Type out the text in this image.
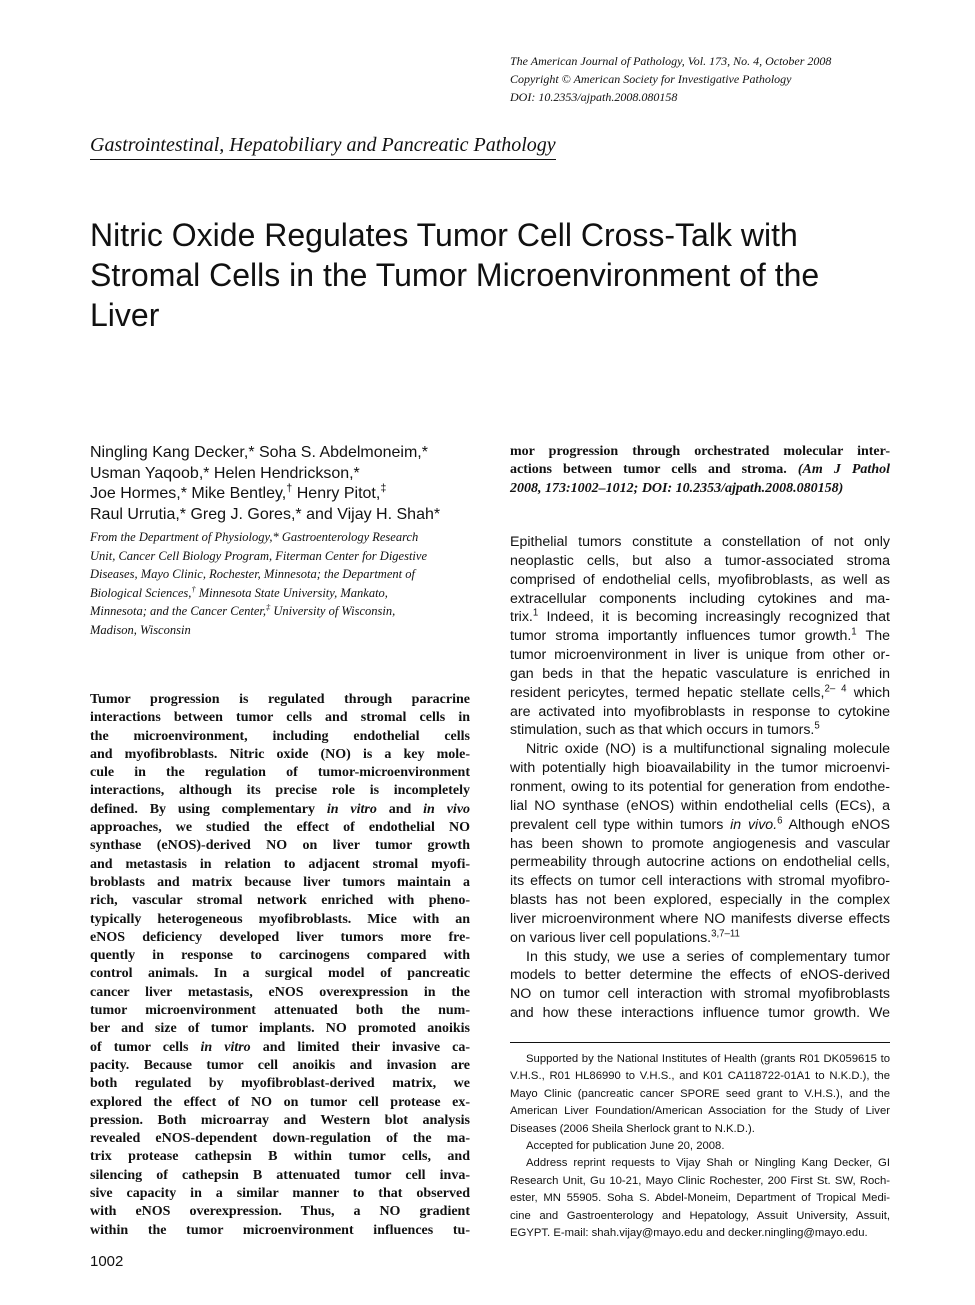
The American Journal of Pathology, Vol. 173, No. 4, October 2008
Copyright © American Society for Investigative Pathology
DOI: 10.2353/ajpath.2008.080158
Gastrointestinal, Hepatobiliary and Pancreatic Pathology
Nitric Oxide Regulates Tumor Cell Cross-Talk with
Stromal Cells in the Tumor Microenvironment of the
Liver
Ningling Kang Decker,* Soha S. Abdelmoneim,*
Usman Yaqoob,* Helen Hendrickson,*
Joe Hormes,* Mike Bentley,† Henry Pitot,‡
Raul Urrutia,* Greg J. Gores,* and Vijay H. Shah*
From the Department of Physiology,* Gastroenterology Research
Unit, Cancer Cell Biology Program, Fiterman Center for Digestive
Diseases, Mayo Clinic, Rochester, Minnesota; the Department of
Biological Sciences,† Minnesota State University, Mankato,
Minnesota; and the Cancer Center,‡ University of Wisconsin,
Madison, Wisconsin
Tumor progression is regulated through paracrine
interactions between tumor cells and stromal cells in
the microenvironment, including endothelial cells
and myofibroblasts. Nitric oxide (NO) is a key mole-
cule in the regulation of tumor-microenvironment
interactions, although its precise role is incompletely
defined. By using complementary in vitro and in vivo
approaches, we studied the effect of endothelial NO
synthase (eNOS)-derived NO on liver tumor growth
and metastasis in relation to adjacent stromal myofi-
broblasts and matrix because liver tumors maintain a
rich, vascular stromal network enriched with pheno-
typically heterogeneous myofibroblasts. Mice with an
eNOS deficiency developed liver tumors more fre-
quently in response to carcinogens compared with
control animals. In a surgical model of pancreatic
cancer liver metastasis, eNOS overexpression in the
tumor microenvironment attenuated both the num-
ber and size of tumor implants. NO promoted anoikis
of tumor cells in vitro and limited their invasive ca-
pacity. Because tumor cell anoikis and invasion are
both regulated by myofibroblast-derived matrix, we
explored the effect of NO on tumor cell protease ex-
pression. Both microarray and Western blot analysis
revealed eNOS-dependent down-regulation of the ma-
trix protease cathepsin B within tumor cells, and
silencing of cathepsin B attenuated tumor cell inva-
sive capacity in a similar manner to that observed
with eNOS overexpression. Thus, a NO gradient
within the tumor microenvironment influences tu-
mor progression through orchestrated molecular inter-
actions between tumor cells and stroma. (Am J Pathol
2008, 173:1002–1012; DOI: 10.2353/ajpath.2008.080158)
Epithelial tumors constitute a constellation of not only
neoplastic cells, but also a tumor-associated stroma
comprised of endothelial cells, myofibroblasts, as well as
extracellular components including cytokines and ma-
trix.$^1$ Indeed, it is becoming increasingly recognized that
tumor stroma importantly influences tumor growth.$^1$ The
tumor microenvironment in liver is unique from other or-
gan beds in that the hepatic vasculature is enriched in
resident pericytes, termed hepatic stellate cells,$^{2- 4}$ which
are activated into myofibroblasts in response to cytokine
stimulation, such as that which occurs in tumors.$^5$
Nitric oxide (NO) is a multifunctional signaling molecule
with potentially high bioavailability in the tumor microenvi-
ronment, owing to its potential for generation from endothe-
lial NO synthase (eNOS) within endothelial cells (ECs), a
prevalent cell type within tumors in vivo.$^6$ Although eNOS
has been shown to promote angiogenesis and vascular
permeability through autocrine actions on endothelial cells,
its effects on tumor cell interactions with stromal myofibro-
blasts has not been explored, especially in the complex
liver microenvironment where NO manifests diverse effects
on various liver cell populations.$^{3,7-11}$
In this study, we use a series of complementary tumor
models to better determine the effects of eNOS-derived
NO on tumor cell interaction with stromal myofibroblasts
and how these interactions influence tumor growth. We
Supported by the National Institutes of Health (grants R01 DK059615 to
V.H.S., R01 HL86990 to V.H.S., and K01 CA118722-01A1 to N.K.D.), the
Mayo Clinic (pancreatic cancer SPORE seed grant to V.H.S.), and the
American Liver Foundation/American Association for the Study of Liver
Diseases (2006 Sheila Sherlock grant to N.K.D.).
Accepted for publication June 20, 2008.
Address reprint requests to Vijay Shah or Ningling Kang Decker, GI
Research Unit, Gu 10-21, Mayo Clinic Rochester, 200 First St. SW, Roch-
ester, MN 55905. Soha S. Abdel-Moneim, Department of Tropical Medi-
cine and Gastroenterology and Hepatology, Assuit University, Assuit,
EGYPT. E-mail: shah.vijay@mayo.edu and decker.ningling@mayo.edu.
1002
